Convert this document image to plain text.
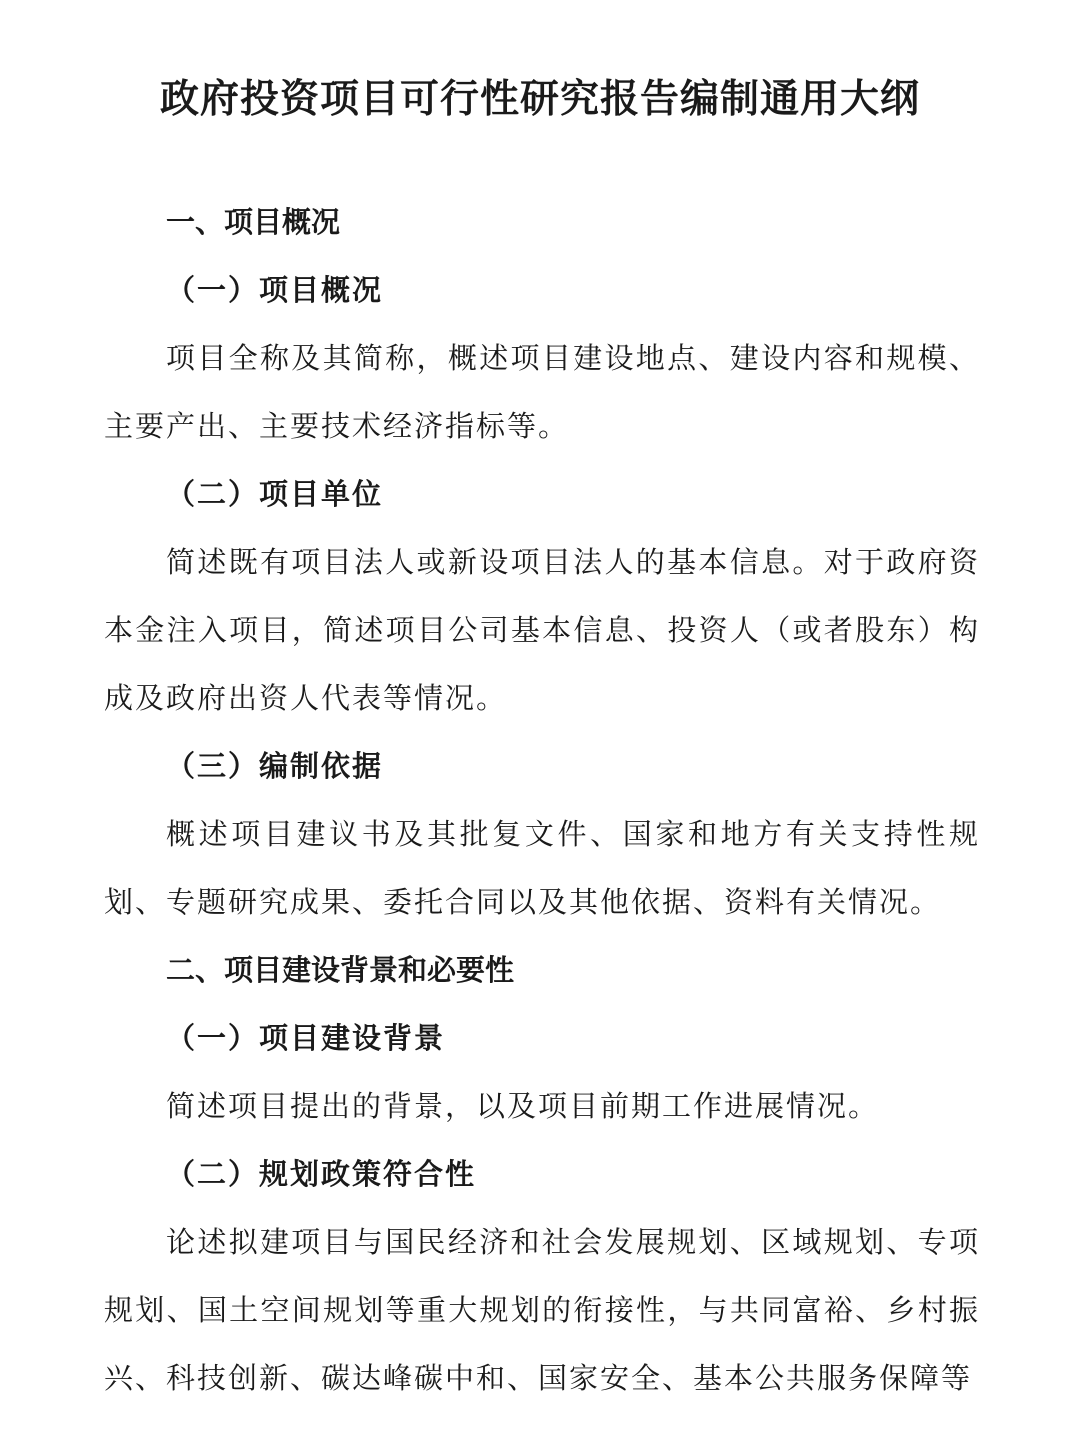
政府投资项目可行性研究报告编制通用大纲

一、项目概况

（一）项目概况

项目全称及其简称，概述项目建设地点、建设内容和规模、主要产出、主要技术经济指标等。

（二）项目单位

简述既有项目法人或新设项目法人的基本信息。对于政府资本金注入项目，简述项目公司基本信息、投资人（或者股东）构成及政府出资人代表等情况。

（三）编制依据

概述项目建议书及其批复文件、国家和地方有关支持性规划、专题研究成果、委托合同以及其他依据、资料有关情况。

二、项目建设背景和必要性

（一）项目建设背景

简述项目提出的背景，以及项目前期工作进展情况。

（二）规划政策符合性

论述拟建项目与国民经济和社会发展规划、区域规划、专项规划、国土空间规划等重大规划的衔接性，与共同富裕、乡村振兴、科技创新、碳达峰碳中和、国家安全、基本公共服务保障等
